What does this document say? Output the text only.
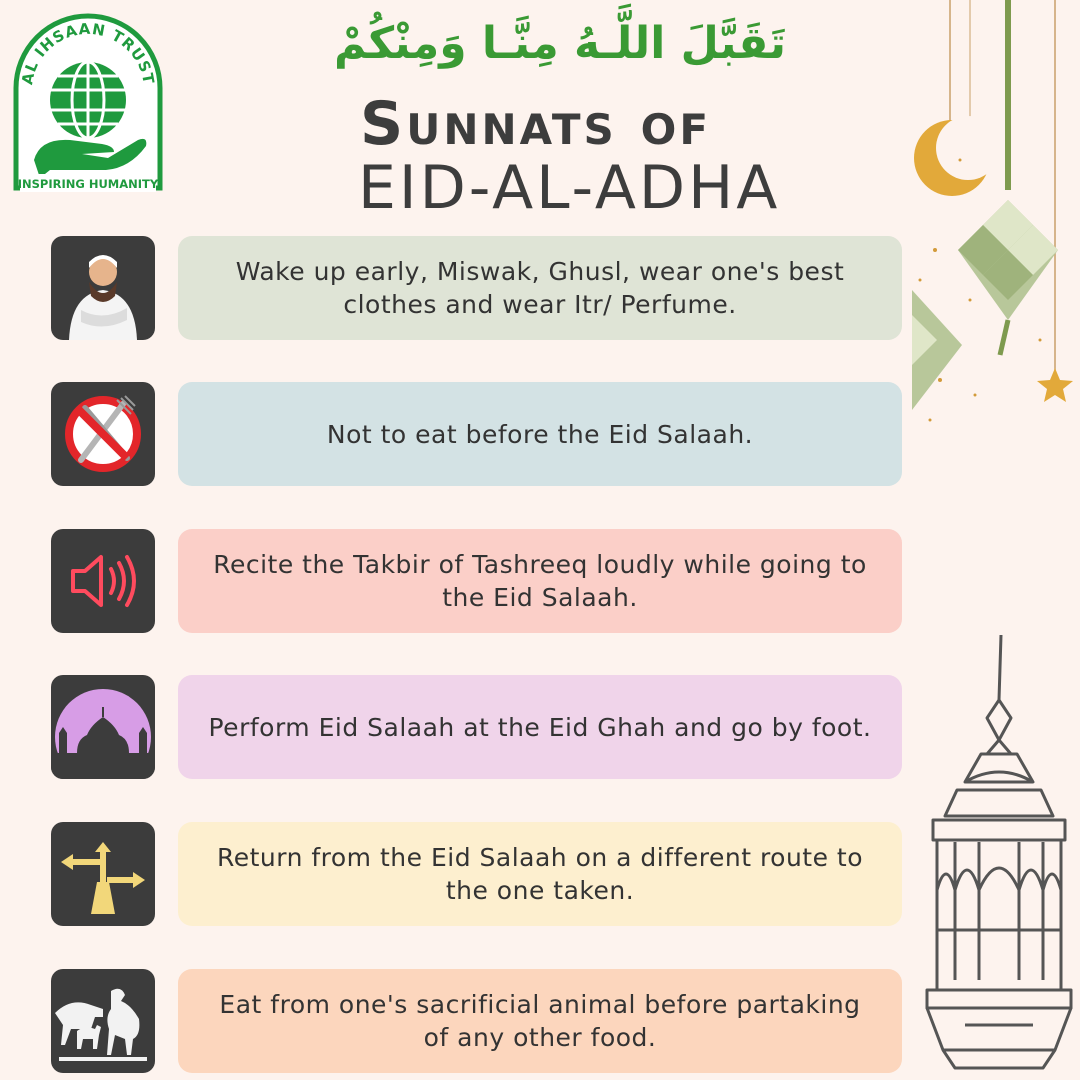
AL IHSAAN TRUST
INSPIRING HUMANITY
تَقَبَّلَ اللَّـهُ مِنَّـا وَمِنْكُمْ
Sunnats of
EID-AL-ADHA
Wake up early, Miswak, Ghusl, wear one's best clothes and wear Itr/ Perfume.
Not to eat before the Eid Salaah.
Recite the Takbir of Tashreeq loudly while going to the Eid Salaah.
Perform Eid Salaah at the Eid Ghah and go by foot.
Return from the Eid Salaah on a different route to the one taken.
Eat from one's sacrificial animal before partaking of any other food.
